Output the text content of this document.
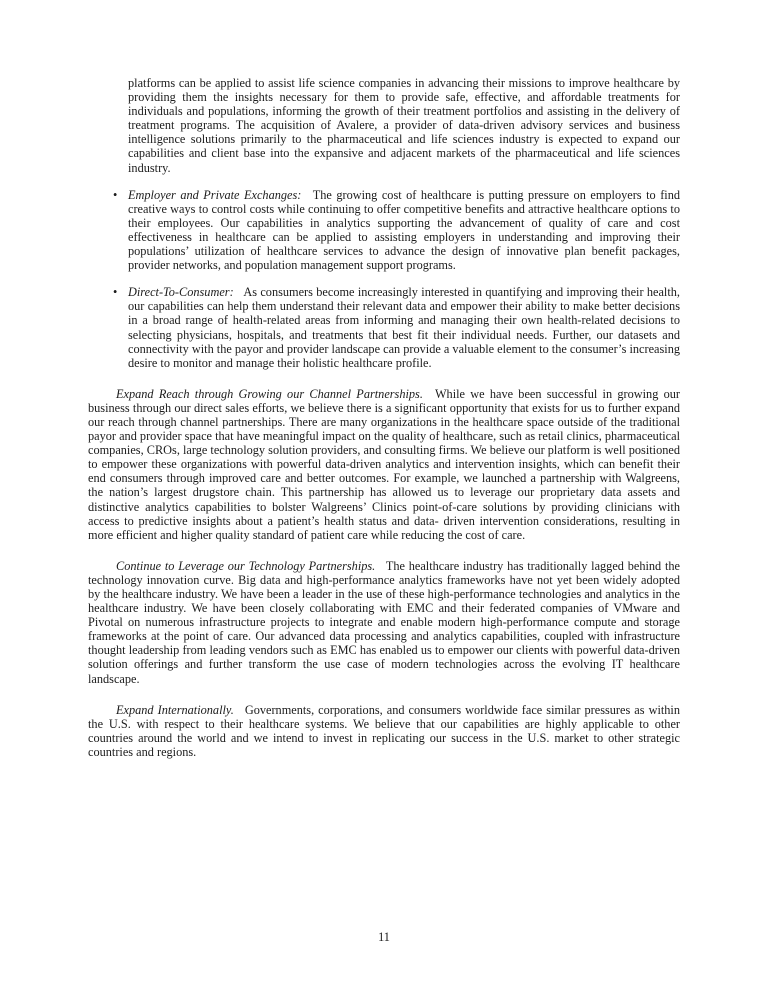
platforms can be applied to assist life science companies in advancing their missions to improve healthcare by providing them the insights necessary for them to provide safe, effective, and affordable treatments for individuals and populations, informing the growth of their treatment portfolios and assisting in the delivery of treatment programs. The acquisition of Avalere, a provider of data-driven advisory services and business intelligence solutions primarily to the pharmaceutical and life sciences industry is expected to expand our capabilities and client base into the expansive and adjacent markets of the pharmaceutical and life sciences industry.

• Employer and Private Exchanges: The growing cost of healthcare is putting pressure on employers to find creative ways to control costs while continuing to offer competitive benefits and attractive healthcare options to their employees. Our capabilities in analytics supporting the advancement of quality of care and cost effectiveness in healthcare can be applied to assisting employers in understanding and improving their populations’ utilization of healthcare services to advance the design of innovative plan benefit packages, provider networks, and population management support programs.
• Direct-To-Consumer: As consumers become increasingly interested in quantifying and improving their health, our capabilities can help them understand their relevant data and empower their ability to make better decisions in a broad range of health-related areas from informing and managing their own health-related decisions to selecting physicians, hospitals, and treatments that best fit their individual needs. Further, our datasets and connectivity with the payor and provider landscape can provide a valuable element to the consumer’s increasing desire to monitor and manage their holistic healthcare profile.

Expand Reach through Growing our Channel Partnerships. While we have been successful in growing our business through our direct sales efforts, we believe there is a significant opportunity that exists for us to further expand our reach through channel partnerships. There are many organizations in the healthcare space outside of the traditional payor and provider space that have meaningful impact on the quality of healthcare, such as retail clinics, pharmaceutical companies, CROs, large technology solution providers, and consulting firms. We believe our platform is well positioned to empower these organizations with powerful data-driven analytics and intervention insights, which can benefit their end consumers through improved care and better outcomes. For example, we launched a partnership with Walgreens, the nation’s largest drugstore chain. This partnership has allowed us to leverage our proprietary data assets and distinctive analytics capabilities to bolster Walgreens’ Clinics point-of-care solutions by providing clinicians with access to predictive insights about a patient’s health status and data- driven intervention considerations, resulting in more efficient and higher quality standard of patient care while reducing the cost of care.

Continue to Leverage our Technology Partnerships. The healthcare industry has traditionally lagged behind the technology innovation curve. Big data and high-performance analytics frameworks have not yet been widely adopted by the healthcare industry. We have been a leader in the use of these high-performance technologies and analytics in the healthcare industry. We have been closely collaborating with EMC and their federated companies of VMware and Pivotal on numerous infrastructure projects to integrate and enable modern high-performance compute and storage frameworks at the point of care. Our advanced data processing and analytics capabilities, coupled with infrastructure thought leadership from leading vendors such as EMC has enabled us to empower our clients with powerful data-driven solution offerings and further transform the use case of modern technologies across the evolving IT healthcare landscape.

Expand Internationally. Governments, corporations, and consumers worldwide face similar pressures as within the U.S. with respect to their healthcare systems. We believe that our capabilities are highly applicable to other countries around the world and we intend to invest in replicating our success in the U.S. market to other strategic countries and regions.

11
